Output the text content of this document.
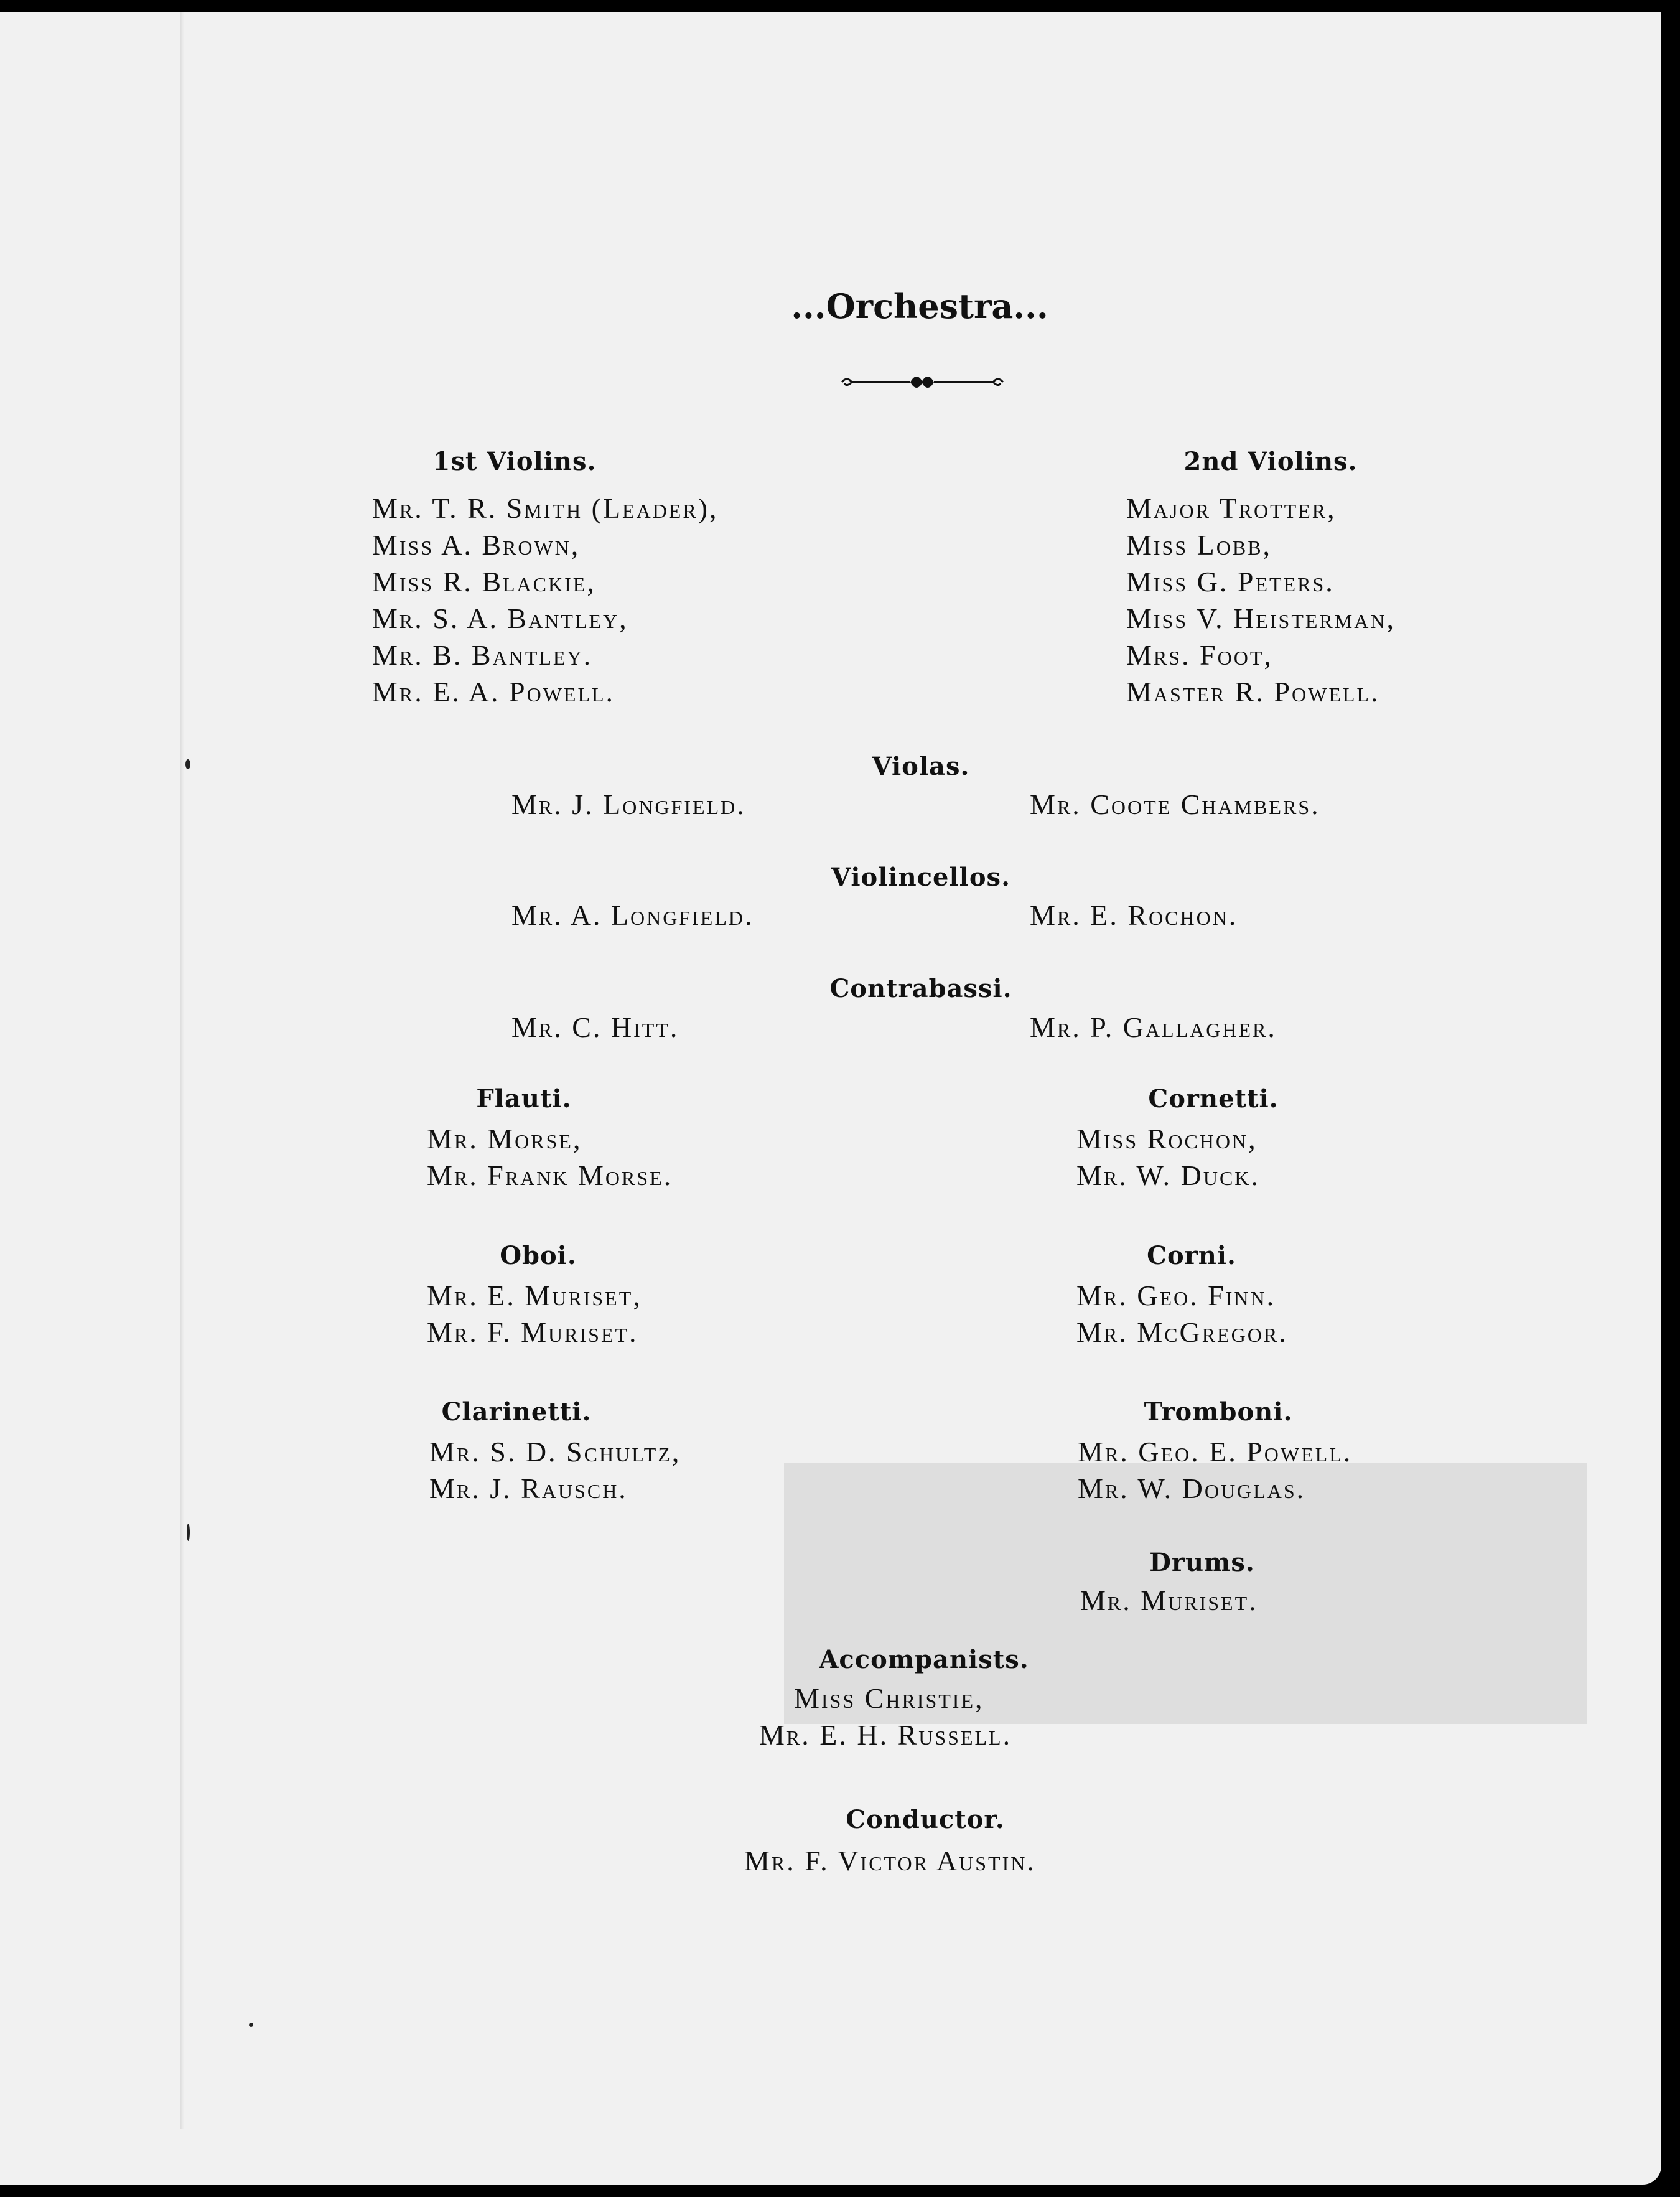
...Orchestra...
1st Violins.
Mr. T. R. Smith (Leader),
Miss A. Brown,
Miss R. Blackie,
Mr. S. A. Bantley,
Mr. B. Bantley.
Mr. E. A. Powell.
2nd Violins.
Major Trotter,
Miss Lobb,
Miss G. Peters.
Miss V. Heisterman,
Mrs. Foot,
Master R. Powell.
Violas.
Mr. J. Longfield.	Mr. Coote Chambers.
Violincellos.
Mr. A. Longfield.	Mr. E. Rochon.
Contrabassi.
Mr. C. Hitt.	Mr. P. Gallagher.
Flauti.
Mr. Morse,
Mr. Frank Morse.
Cornetti.
Miss Rochon,
Mr. W. Duck.
Oboi.
Mr. E. Muriset,
Mr. F. Muriset.
Corni.
Mr. Geo. Finn.
Mr. McGregor.
Clarinetti.
Mr. S. D. Schultz,
Mr. J. Rausch.
Tromboni.
Mr. Geo. E. Powell.
Mr. W. Douglas.
Drums.
Mr. Muriset.
Accompanists.
Miss Christie,
Mr. E. H. Russell.
Conductor.
Mr. F. Victor Austin.
